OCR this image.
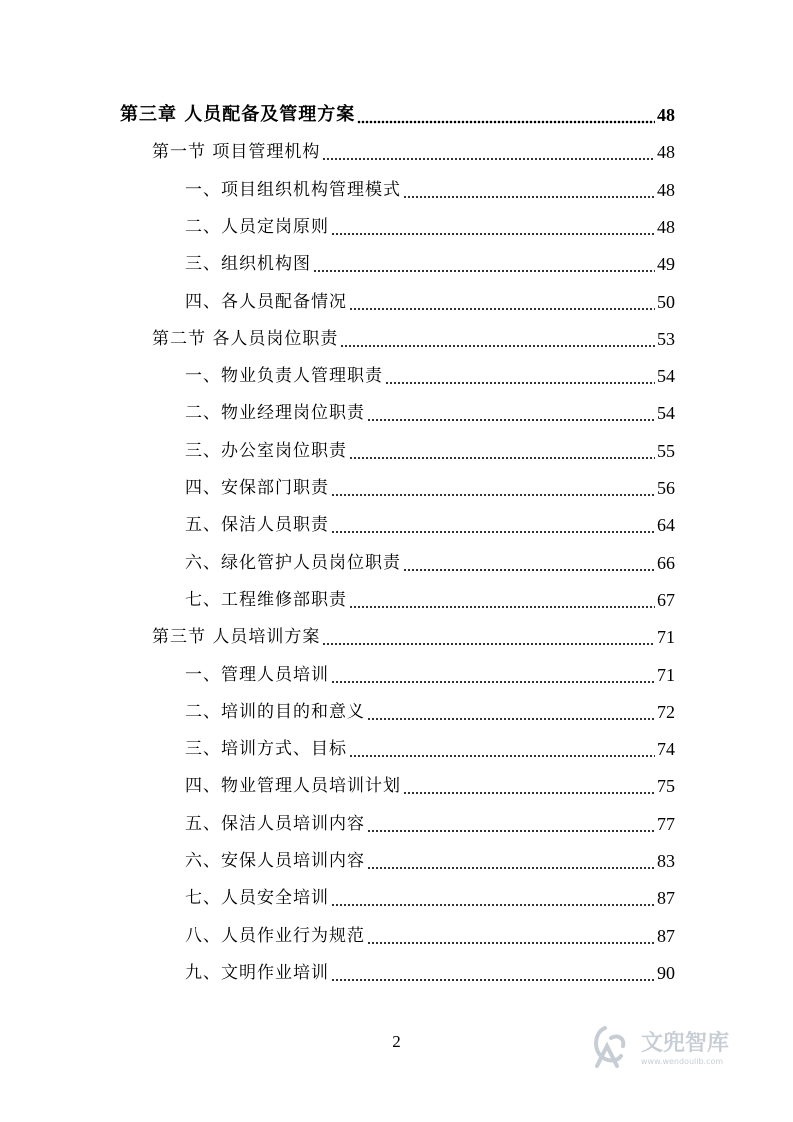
第三章 人员配备及管理方案	48
第一节 项目管理机构	48
一、项目组织机构管理模式	48
二、人员定岗原则	48
三、组织机构图	49
四、各人员配备情况	50
第二节 各人员岗位职责	53
一、物业负责人管理职责	54
二、物业经理岗位职责	54
三、办公室岗位职责	55
四、安保部门职责	56
五、保洁人员职责	64
六、绿化管护人员岗位职责	66
七、工程维修部职责	67
第三节 人员培训方案	71
一、管理人员培训	71
二、培训的目的和意义	72
三、培训方式、目标	74
四、物业管理人员培训计划	75
五、保洁人员培训内容	77
六、安保人员培训内容	83
七、人员安全培训	87
八、人员作业行为规范	87
九、文明作业培训	90
2	文兜智库
www.wendoulib.com
